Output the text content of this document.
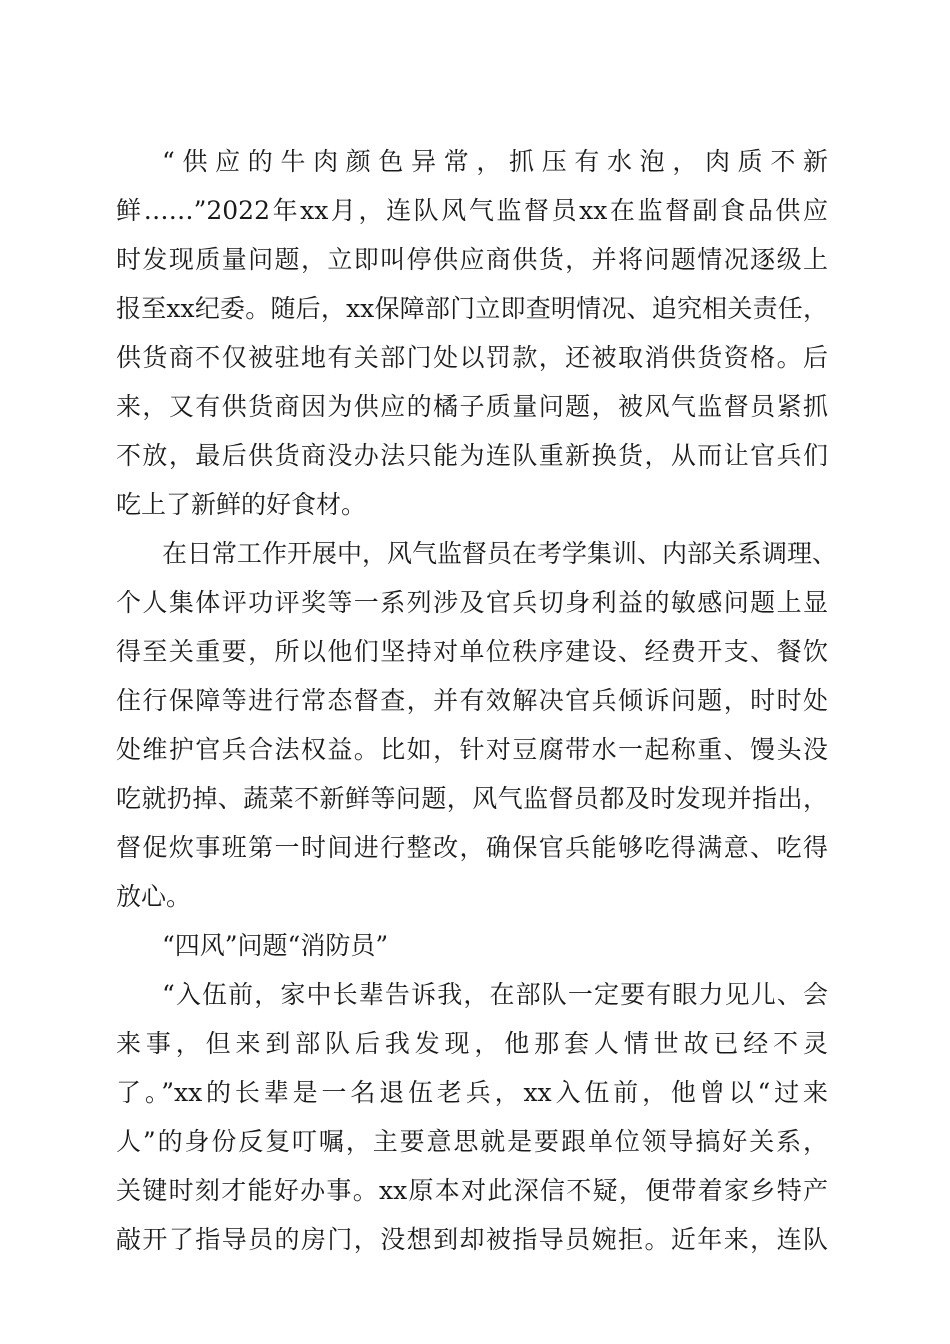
“供应的牛肉颜色异常，抓压有水泡，肉质不新
鲜……”2022年xx月，连队风气监督员xx在监督副食品供应
时发现质量问题，立即叫停供应商供货，并将问题情况逐级上
报至xx纪委。随后，xx保障部门立即查明情况、追究相关责任，
供货商不仅被驻地有关部门处以罚款，还被取消供货资格。后
来，又有供货商因为供应的橘子质量问题，被风气监督员紧抓
不放，最后供货商没办法只能为连队重新换货，从而让官兵们
吃上了新鲜的好食材。
在日常工作开展中，风气监督员在考学集训、内部关系调理、
个人集体评功评奖等一系列涉及官兵切身利益的敏感问题上显
得至关重要，所以他们坚持对单位秩序建设、经费开支、餐饮
住行保障等进行常态督查，并有效解决官兵倾诉问题，时时处
处维护官兵合法权益。比如，针对豆腐带水一起称重、馒头没
吃就扔掉、蔬菜不新鲜等问题，风气监督员都及时发现并指出，
督促炊事班第一时间进行整改，确保官兵能够吃得满意、吃得
放心。
“四风”问题“消防员”
“入伍前，家中长辈告诉我，在部队一定要有眼力见儿、会
来事，但来到部队后我发现，他那套人情世故已经不灵
了。”xx的长辈是一名退伍老兵，xx入伍前，他曾以“过来
人”的身份反复叮嘱，主要意思就是要跟单位领导搞好关系，
关键时刻才能好办事。xx原本对此深信不疑，便带着家乡特产
敲开了指导员的房门，没想到却被指导员婉拒。近年来，连队
